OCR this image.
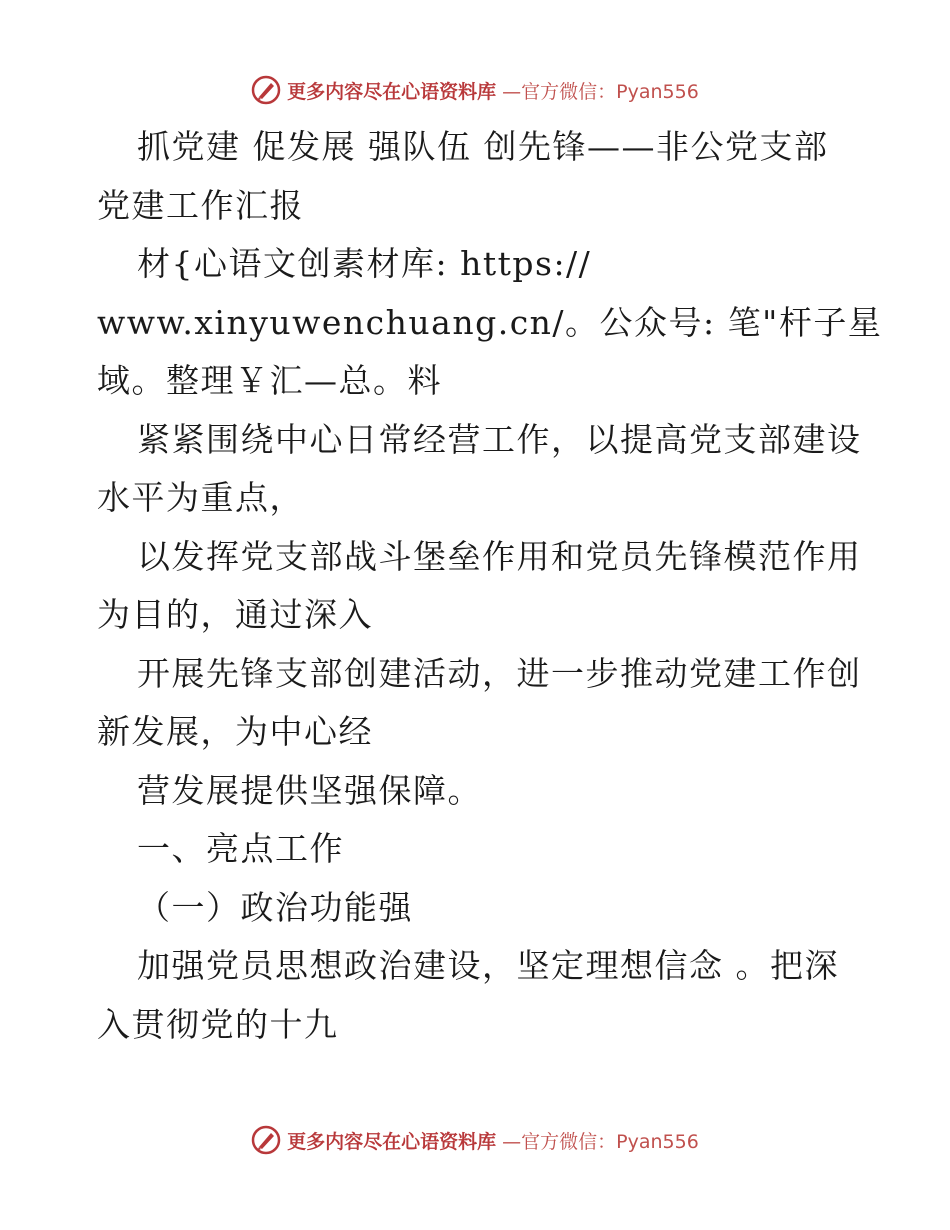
更多内容尽在心语资料库 —官方微信：Pyan556
抓党建 促发展 强队伍 创先锋——非公党支部
党建工作汇报
材{心语文创素材库: https://
www.xinyuwenchuang.cn/。公众号: 笔"杆子星
域。整理￥汇—总。料
紧紧围绕中心日常经营工作，以提高党支部建设
水平为重点，
以发挥党支部战斗堡垒作用和党员先锋模范作用
为目的，通过深入
开展先锋支部创建活动，进一步推动党建工作创
新发展，为中心经
营发展提供坚强保障。
一、亮点工作
（一）政治功能强
加强党员思想政治建设，坚定理想信念 。把深
入贯彻党的十九
更多内容尽在心语资料库 —官方微信：Pyan556
